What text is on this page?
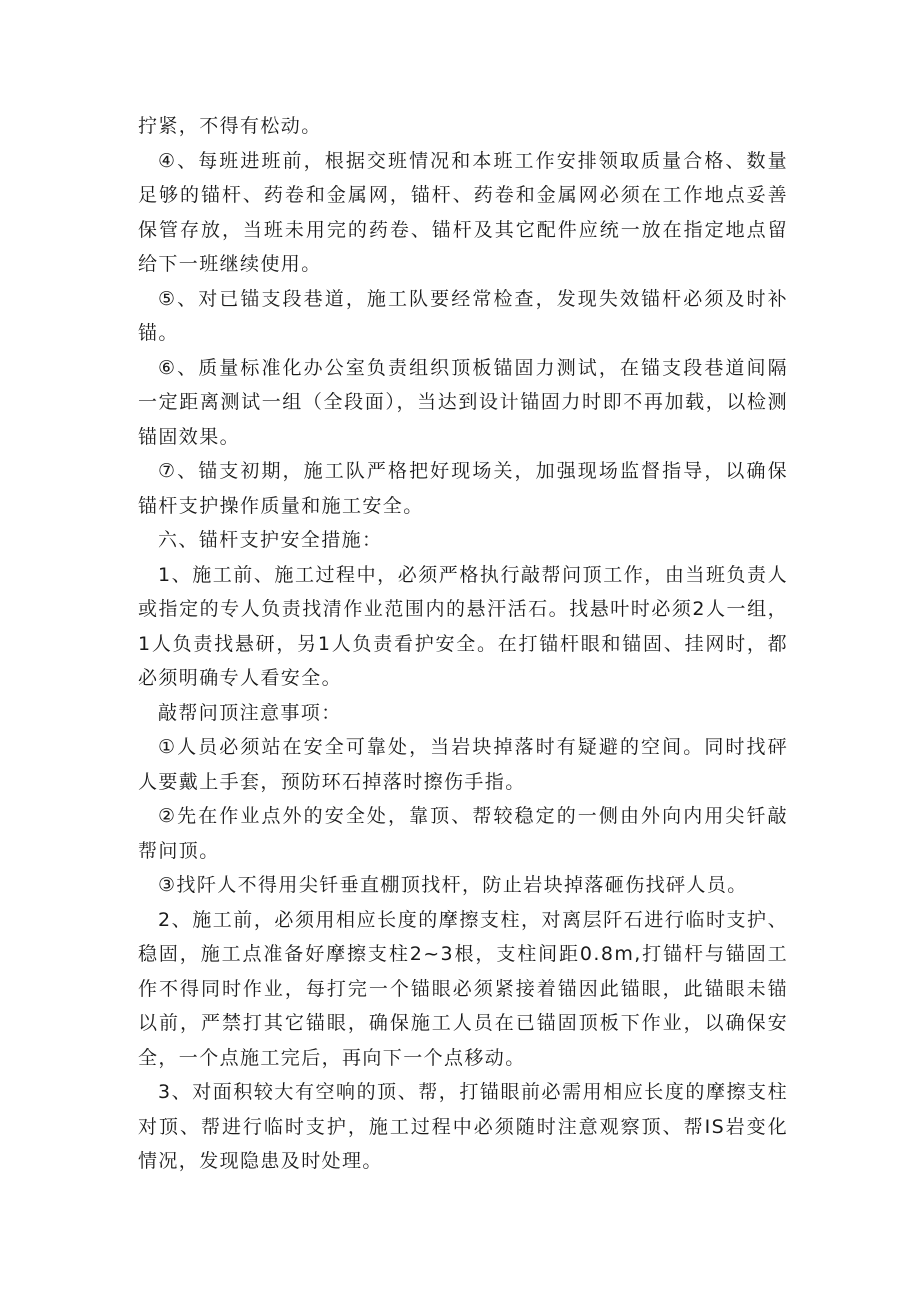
拧紧，不得有松动。

④、每班进班前，根据交班情况和本班工作安排领取质量合格、数量足够的锚杆、药卷和金属网，锚杆、药卷和金属网必须在工作地点妥善保管存放，当班未用完的药卷、锚杆及其它配件应统一放在指定地点留给下一班继续使用。

⑤、对已锚支段巷道，施工队要经常检查，发现失效锚杆必须及时补锚。

⑥、质量标准化办公室负责组织顶板锚固力测试，在锚支段巷道间隔一定距离测试一组（全段面），当达到设计锚固力时即不再加载，以检测锚固效果。

⑦、锚支初期，施工队严格把好现场关，加强现场监督指导，以确保锚杆支护操作质量和施工安全。

六、锚杆支护安全措施：

1、施工前、施工过程中，必须严格执行敲帮问顶工作，由当班负责人或指定的专人负责找清作业范围内的悬汗活石。找悬叶时必须2人一组，1人负责找悬研，另1人负责看护安全。在打锚杆眼和锚固、挂网时，都必须明确专人看安全。

敲帮问顶注意事项：

①人员必须站在安全可靠处，当岩块掉落时有疑避的空间。同时找砰人要戴上手套，预防环石掉落时擦伤手指。

②先在作业点外的安全处，靠顶、帮较稳定的一侧由外向内用尖钎敲帮问顶。

③找阡人不得用尖钎垂直棚顶找杆，防止岩块掉落砸伤找砰人员。

2、施工前，必须用相应长度的摩擦支柱，对离层阡石进行临时支护、稳固，施工点准备好摩擦支柱2~3根，支柱间距0.8m,打锚杆与锚固工作不得同时作业，每打完一个锚眼必须紧接着锚因此锚眼，此锚眼未锚以前，严禁打其它锚眼，确保施工人员在已锚固顶板下作业，以确保安全，一个点施工完后，再向下一个点移动。

3、对面积较大有空响的顶、帮，打锚眼前必需用相应长度的摩擦支柱对顶、帮进行临时支护，施工过程中必须随时注意观察顶、帮IS岩变化情况，发现隐患及时处理。
